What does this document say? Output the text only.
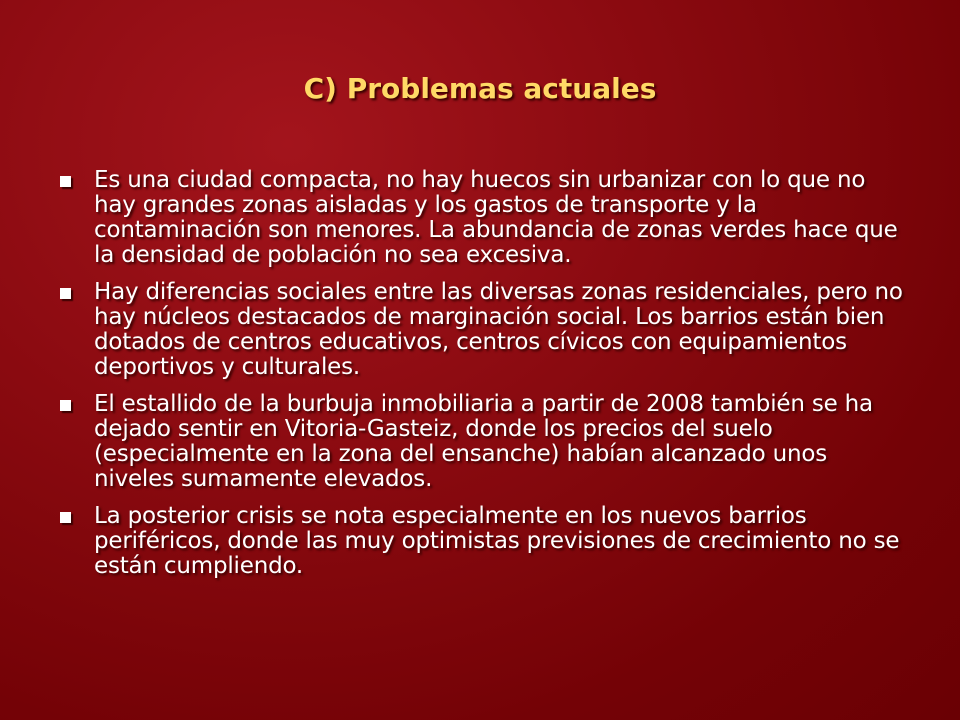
C) Problemas actuales
Es una ciudad compacta, no hay huecos sin urbanizar con lo que no hay grandes zonas aisladas y los gastos de transporte y la contaminación son menores. La abundancia de zonas verdes hace que la densidad de población no sea excesiva.
Hay diferencias sociales entre las diversas zonas residenciales, pero no hay núcleos destacados de marginación social. Los barrios están bien dotados de centros educativos, centros cívicos con equipamientos deportivos y culturales.
El estallido de la burbuja inmobiliaria a partir de 2008 también se ha dejado sentir en Vitoria-Gasteiz, donde los precios del suelo (especialmente en la zona del ensanche) habían alcanzado unos niveles sumamente elevados.
La posterior crisis se nota especialmente en los nuevos barrios periféricos, donde las muy optimistas previsiones de crecimiento no se están cumpliendo.
